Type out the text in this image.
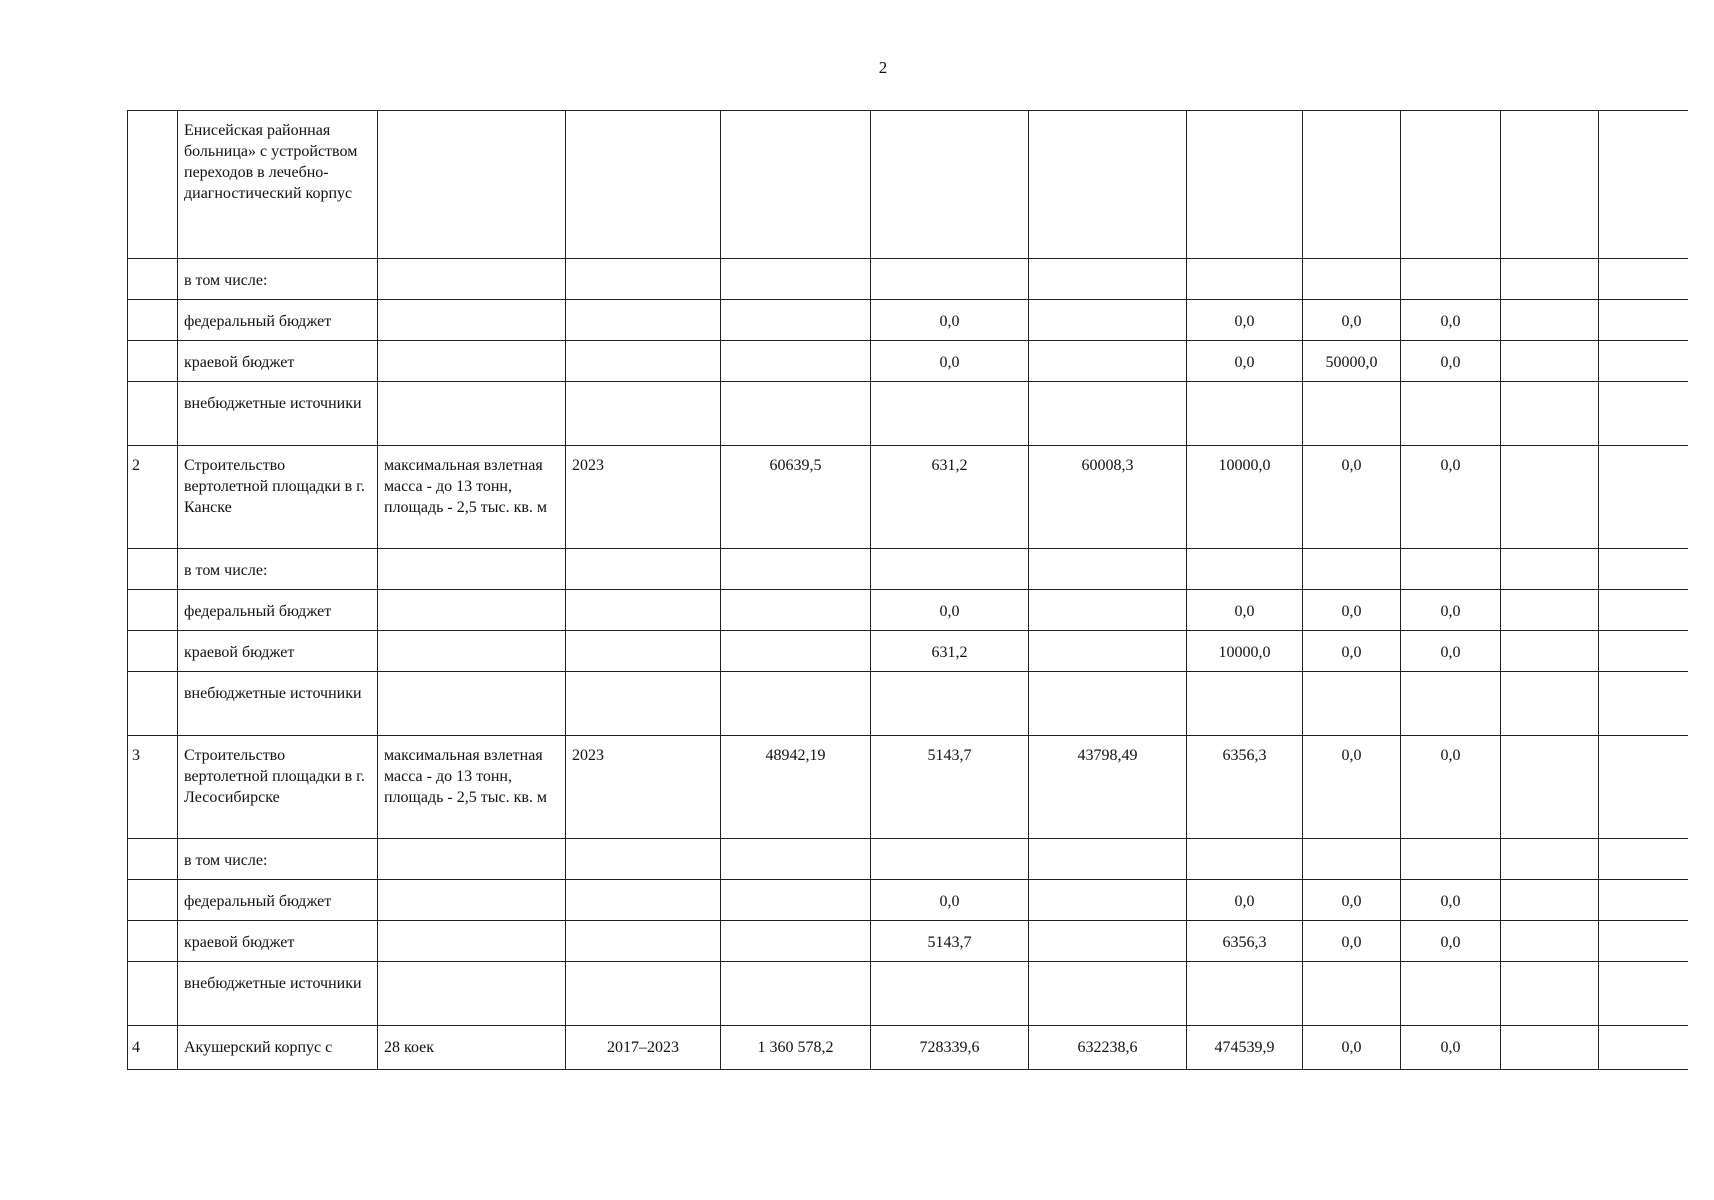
2
	Енисейская районная больница» с устройством переходов в лечебно-диагностический корпус										
	в том числе:										
	федеральный бюджет				0,0		0,0	0,0	0,0		
	краевой бюджет				0,0		0,0	50000,0	0,0		
	внебюджетные источники										
2	Строительство вертолетной площадки в г. Канске	максимальная взлетная масса - до 13 тонн, площадь - 2,5 тыс. кв. м	2023	60639,5	631,2	60008,3	10000,0	0,0	0,0		
	в том числе:										
	федеральный бюджет				0,0		0,0	0,0	0,0		
	краевой бюджет				631,2		10000,0	0,0	0,0		
	внебюджетные источники										
3	Строительство вертолетной площадки в г. Лесосибирске	максимальная взлетная масса - до 13 тонн, площадь - 2,5 тыс. кв. м	2023	48942,19	5143,7	43798,49	6356,3	0,0	0,0		
	в том числе:										
	федеральный бюджет				0,0		0,0	0,0	0,0		
	краевой бюджет				5143,7		6356,3	0,0	0,0		
	внебюджетные источники										
4	Акушерский корпус с	28 коек	2017–2023	1 360 578,2	728339,6	632238,6	474539,9	0,0	0,0		
